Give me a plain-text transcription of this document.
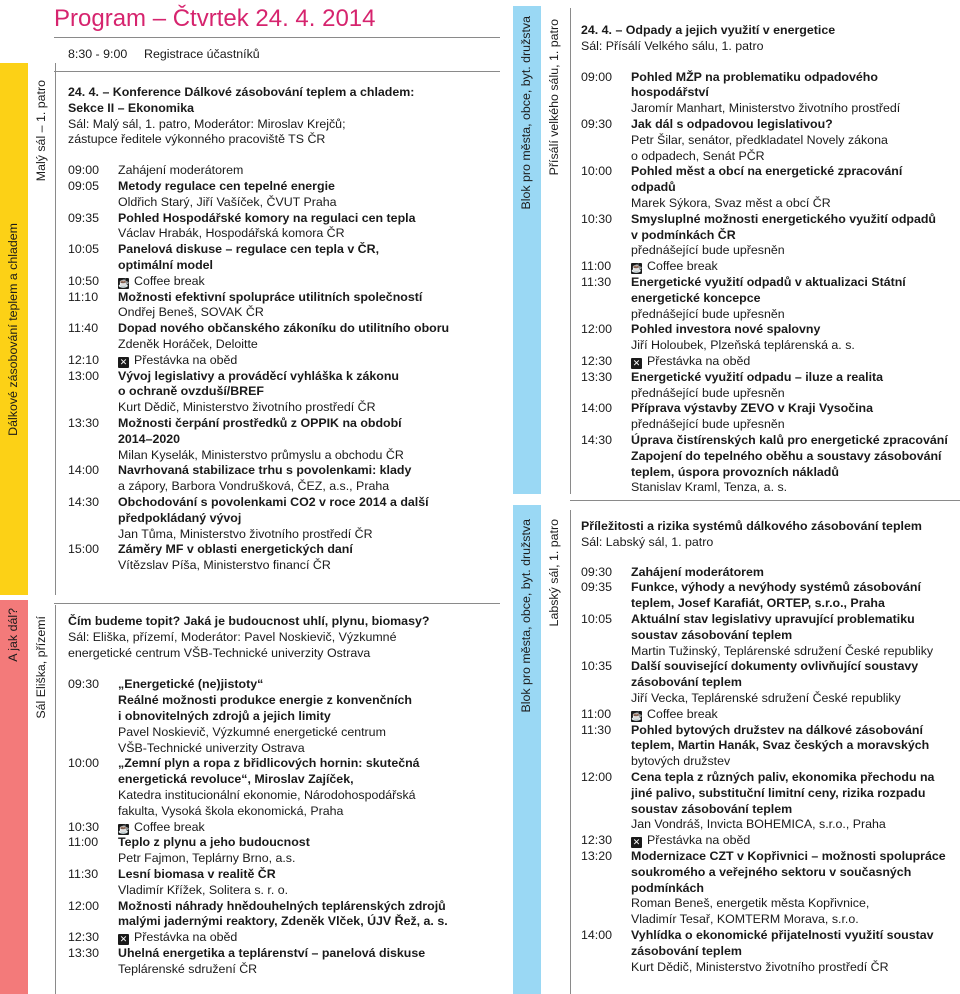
Dálkové zásobování teplem a chladem
Malý sál – 1. patro
A jak dál? Sál Eliška, přízemí
Blok pro města, obce, byt. družstva Přísálí velkého sálu, 1. patro
Blok pro města, obce, byt. družstva Labský sál, 1. patro
Program – Čtvrtek 24. 4. 2014
8:30 - 9:00	Registrace účastníků
24. 4. – Konference Dálkové zásobování teplem a chladem:
Sekce II – Ekonomika
Sál: Malý sál, 1. patro, Moderátor: Miroslav Krejčů;
zástupce ředitele výkonného pracoviště TS ČR
09:00	Zahájení moderátorem
09:05	Metody regulace cen tepelné energie
Oldřich Starý, Jiří Vašíček, ČVUT Praha
09:35	Pohled Hospodářské komory na regulaci cen tepla
Václav Hrabák, Hospodářská komora ČR
10:05	Panelová diskuse – regulace cen tepla v ČR,
optimální model
10:50	☕ Coffee break
11:10	Možnosti efektivní spolupráce utilitních společností
Ondřej Beneš, SOVAK ČR
11:40	Dopad nového občanského zákoníku do utilitního oboru
Zdeněk Horáček, Deloitte
12:10	✕ Přestávka na oběd
13:00	Vývoj legislativy a prováděcí vyhláška k zákonu
o ochraně ovzduší/BREF
Kurt Dědič, Ministerstvo životního prostředí ČR
13:30	Možnosti čerpání prostředků z OPPIK na období
2014–2020
Milan Kyselák, Ministerstvo průmyslu a obchodu ČR
14:00	Navrhovaná stabilizace trhu s povolenkami: klady
a zápory, Barbora Vondrušková, ČEZ, a.s., Praha
14:30	Obchodování s povolenkami CO2 v roce 2014 a další
předpokládaný vývoj
Jan Tůma, Ministerstvo životního prostředí ČR
15:00	Záměry MF v oblasti energetických daní
Vítězslav Píša, Ministerstvo financí ČR
Čím budeme topit? Jaká je budoucnost uhlí, plynu, biomasy?
Sál: Eliška, přízemí, Moderátor: Pavel Noskievič, Výzkumné
energetické centrum VŠB-Technické univerzity Ostrava
09:30	„Energetické (ne)jistoty“
Reálné možnosti produkce energie z konvenčních
i obnovitelných zdrojů a jejich limity
Pavel Noskievič, Výzkumné energetické centrum
VŠB-Technické univerzity Ostrava
10:00	„Zemní plyn a ropa z břidlicových hornin: skutečná
energetická revoluce“, Miroslav Zajíček,
Katedra institucionální ekonomie, Národohospodářská
fakulta, Vysoká škola ekonomická, Praha
10:30	☕ Coffee break
11:00	Teplo z plynu a jeho budoucnost
Petr Fajmon, Teplárny Brno, a.s.
11:30	Lesní biomasa v realitě ČR
Vladimír Křížek, Solitera s. r. o.
12:00	Možnosti náhrady hnědouhelných teplárenských zdrojů
malými jadernými reaktory, Zdeněk Vlček, ÚJV Řež, a. s.
12:30	✕ Přestávka na oběd
13:30	Uhelná energetika a teplárenství – panelová diskuse
Teplárenské sdružení ČR
24. 4. – Odpady a jejich využití v energetice
Sál: Přísálí Velkého sálu, 1. patro
09:00	Pohled MŽP na problematiku odpadového hospodářství
Jaromír Manhart, Ministerstvo životního prostředí
09:30	Jak dál s odpadovou legislativou?
Petr Šilar, senátor, předkladatel Novely zákona
o odpadech, Senát PČR
10:00	Pohled měst a obcí na energetické zpracování
odpadů
Marek Sýkora, Svaz měst a obcí ČR
10:30	Smysluplné možnosti energetického využití odpadů
v podmínkách ČR
přednášející bude upřesněn
11:00	☕ Coffee break
11:30	Energetické využití odpadů v aktualizaci Státní
energetické koncepce
přednášející bude upřesněn
12:00	Pohled investora nové spalovny
Jiří Holoubek, Plzeňská teplárenská a. s.
12:30	✕ Přestávka na oběd
13:30	Energetické využití odpadu – iluze a realita
přednášející bude upřesněn
14:00	Příprava výstavby ZEVO v Kraji Vysočina
přednášející bude upřesněn
14:30	Úprava čistírenských kalů pro energetické zpracování
Zapojení do tepelného oběhu a soustavy zásobování
teplem, úspora provozních nákladů
Stanislav Kraml, Tenza, a. s.
Příležitosti a rizika systémů dálkového zásobování teplem
Sál: Labský sál, 1. patro
09:30	Zahájení moderátorem
09:35	Funkce, výhody a nevýhody systémů zásobování
teplem, Josef Karafiát, ORTEP, s.r.o., Praha
10:05	Aktuální stav legislativy upravující problematiku
soustav zásobování teplem
Martin Tužinský, Teplárenské sdružení České republiky
10:35	Další související dokumenty ovlivňující soustavy
zásobování teplem
Jiří Vecka, Teplárenské sdružení České republiky
11:00	☕ Coffee break
11:30	Pohled bytových družstev na dálkové zásobování
teplem, Martin Hanák, Svaz českých a moravských
bytových družstev
12:00	Cena tepla z různých paliv, ekonomika přechodu na
jiné palivo, substituční limitní ceny, rizika rozpadu
soustav zásobování teplem
Jan Vondráš, Invicta BOHEMICA, s.r.o., Praha
12:30	✕ Přestávka na oběd
13:20	Modernizace CZT v Kopřivnici – možnosti spolupráce
soukromého a veřejného sektoru v současných
podmínkách
Roman Beneš, energetik města Kopřivnice,
Vladimír Tesař, KOMTERM Morava, s.r.o.
14:00	Vyhlídka o ekonomické přijatelnosti využití soustav
zásobování teplem
Kurt Dědič, Ministerstvo životního prostředí ČR
